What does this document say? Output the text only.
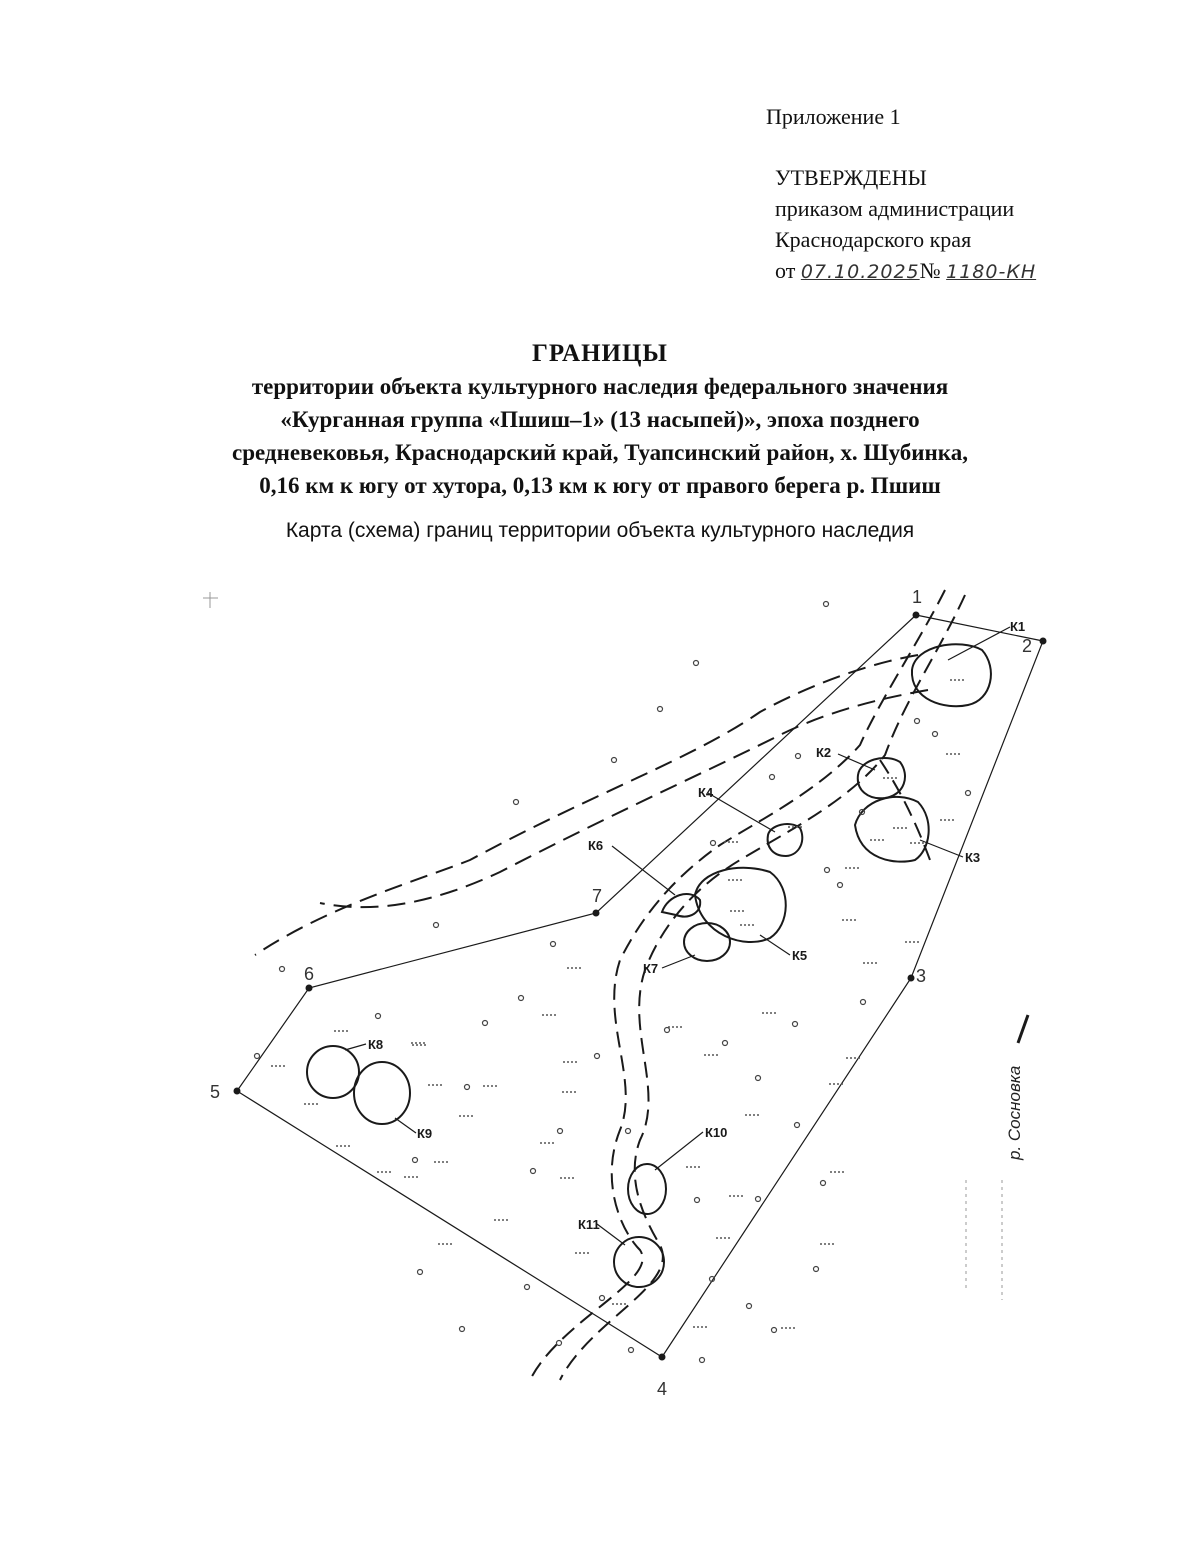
Приложение 1
УТВЕРЖДЕНЫ
приказом администрации
Краснодарского края
от 07.10.2025№ 1180-КН
ГРАНИЦЫ
территории объекта культурного наследия федерального значения
«Курганная группа «Пшиш–1» (13 насыпей)», эпоха позднего
средневековья, Краснодарский край, Туапсинский район, х. Шубинка,
0,16 км к югу от хутора, 0,13 км к югу от правого берега р. Пшиш
Карта (схема) границ территории объекта культурного наследия
1
2
3
4
5
6
7
К1
К2
К3
К4
К5
К6
К7
К8
К9	К10
К11
р. Сосновка
